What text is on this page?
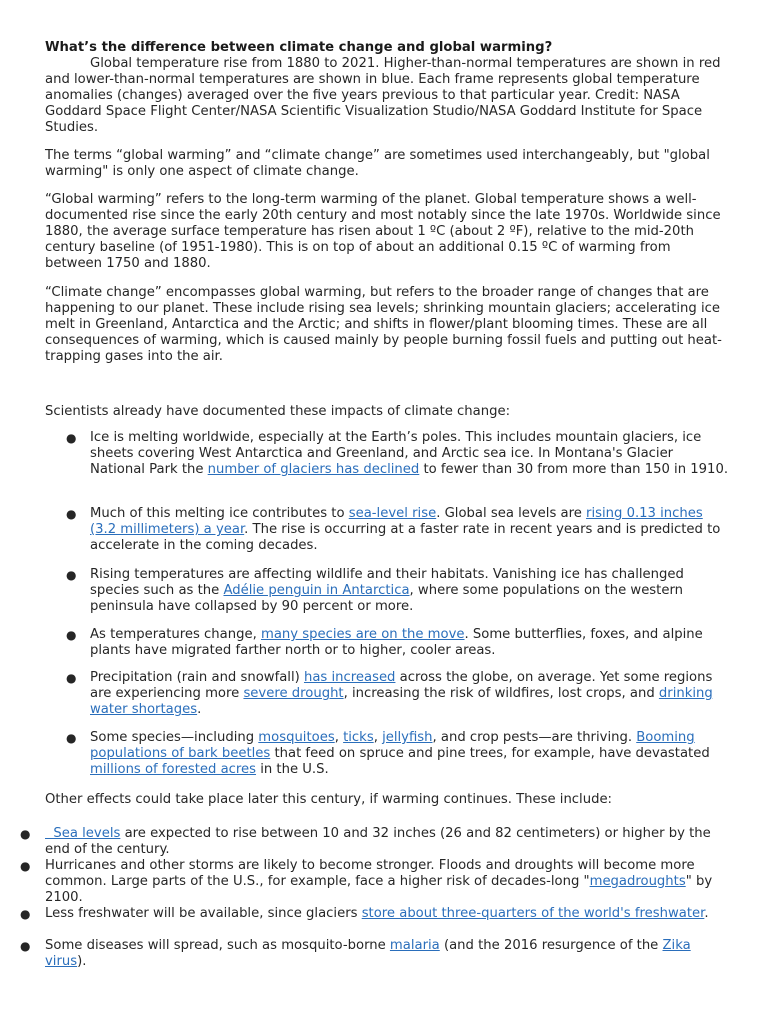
What’s the difference between climate change and global warming?
Global temperature rise from 1880 to 2021. Higher-than-normal temperatures are shown in red and lower-than-normal temperatures are shown in blue. Each frame represents global temperature anomalies (changes) averaged over the five years previous to that particular year. Credit: NASA Goddard Space Flight Center/NASA Scientific Visualization Studio/NASA Goddard Institute for Space Studies.
The terms “global warming” and “climate change” are sometimes used interchangeably, but "global warming" is only one aspect of climate change.
“Global warming” refers to the long-term warming of the planet. Global temperature shows a well-documented rise since the early 20th century and most notably since the late 1970s. Worldwide since 1880, the average surface temperature has risen about 1 ºC (about 2 ºF), relative to the mid-20th century baseline (of 1951-1980). This is on top of about an additional 0.15 ºC of warming from between 1750 and 1880.
“Climate change” encompasses global warming, but refers to the broader range of changes that are happening to our planet. These include rising sea levels; shrinking mountain glaciers; accelerating ice melt in Greenland, Antarctica and the Arctic; and shifts in flower/plant blooming times. These are all consequences of warming, which is caused mainly by people burning fossil fuels and putting out heat-trapping gases into the air.
Scientists already have documented these impacts of climate change:
● Ice is melting worldwide, especially at the Earth’s poles. This includes mountain glaciers, ice sheets covering West Antarctica and Greenland, and Arctic sea ice. In Montana's Glacier National Park the number of glaciers has declined to fewer than 30 from more than 150 in 1910.
● Much of this melting ice contributes to sea-level rise. Global sea levels are rising 0.13 inches (3.2 millimeters) a year. The rise is occurring at a faster rate in recent years and is predicted to accelerate in the coming decades.
● Rising temperatures are affecting wildlife and their habitats. Vanishing ice has challenged species such as the Adélie penguin in Antarctica, where some populations on the western peninsula have collapsed by 90 percent or more.
● As temperatures change, many species are on the move. Some butterflies, foxes, and alpine plants have migrated farther north or to higher, cooler areas.
● Precipitation (rain and snowfall) has increased across the globe, on average. Yet some regions are experiencing more severe drought, increasing the risk of wildfires, lost crops, and drinking water shortages.
● Some species—including mosquitoes, ticks, jellyfish, and crop pests—are thriving. Booming populations of bark beetles that feed on spruce and pine trees, for example, have devastated millions of forested acres in the U.S.
Other effects could take place later this century, if warming continues. These include:
● Sea levels are expected to rise between 10 and 32 inches (26 and 82 centimeters) or higher by the end of the century.
● Hurricanes and other storms are likely to become stronger. Floods and droughts will become more common. Large parts of the U.S., for example, face a higher risk of decades-long "megadroughts" by 2100.
● Less freshwater will be available, since glaciers store about three-quarters of the world's freshwater.
● Some diseases will spread, such as mosquito-borne malaria (and the 2016 resurgence of the Zika virus).
